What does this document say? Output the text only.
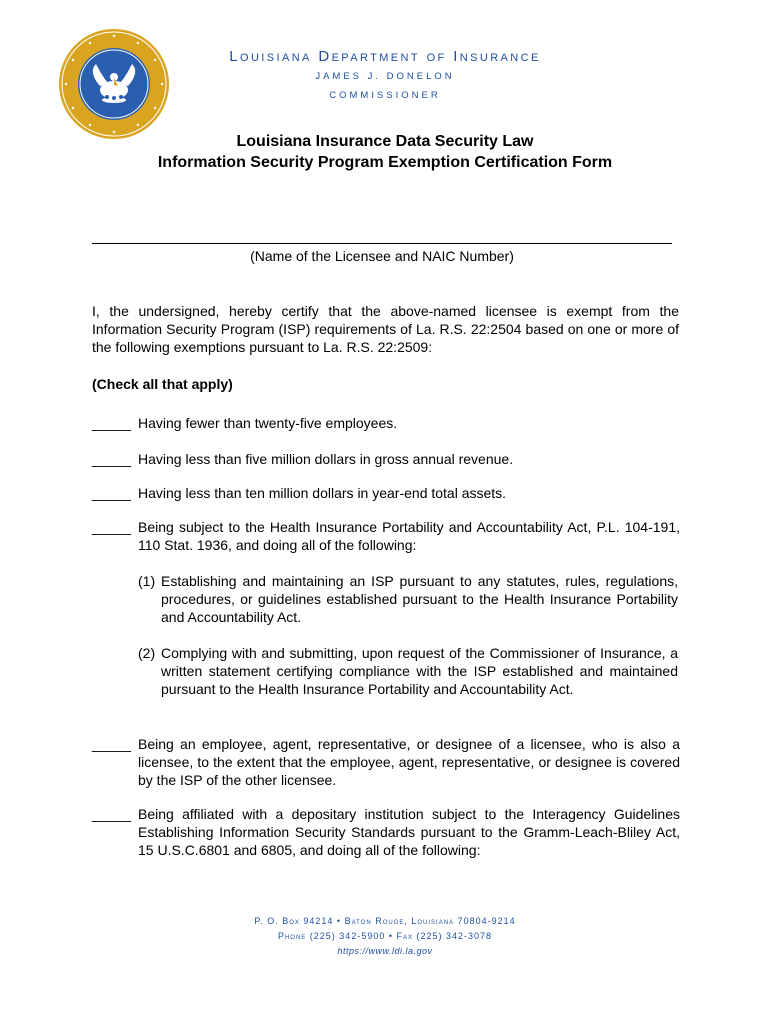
Louisiana Department of Insurance
JAMES J. DONELON
COMMISSIONER
Louisiana Insurance Data Security Law
Information Security Program Exemption Certification Form
(Name of the Licensee and NAIC Number)
I, the undersigned, hereby certify that the above-named licensee is exempt from the Information Security Program (ISP) requirements of La. R.S. 22:2504 based on one or more of the following exemptions pursuant to La. R.S. 22:2509:
(Check all that apply)
_____ Having fewer than twenty-five employees.
_____ Having less than five million dollars in gross annual revenue.
_____ Having less than ten million dollars in year-end total assets.
_____ Being subject to the Health Insurance Portability and Accountability Act, P.L. 104-191, 110 Stat. 1936, and doing all of the following:
(1) Establishing and maintaining an ISP pursuant to any statutes, rules, regulations, procedures, or guidelines established pursuant to the Health Insurance Portability and Accountability Act.
(2) Complying with and submitting, upon request of the Commissioner of Insurance, a written statement certifying compliance with the ISP established and maintained pursuant to the Health Insurance Portability and Accountability Act.
_____ Being an employee, agent, representative, or designee of a licensee, who is also a licensee, to the extent that the employee, agent, representative, or designee is covered by the ISP of the other licensee.
_____ Being affiliated with a depositary institution subject to the Interagency Guidelines Establishing Information Security Standards pursuant to the Gramm-Leach-Bliley Act, 15 U.S.C.6801 and 6805, and doing all of the following:
P. O. Box 94214 • Baton Rouge, Louisiana 70804-9214
Phone (225) 342-5900 • Fax (225) 342-3078
https://www.ldi.la.gov
